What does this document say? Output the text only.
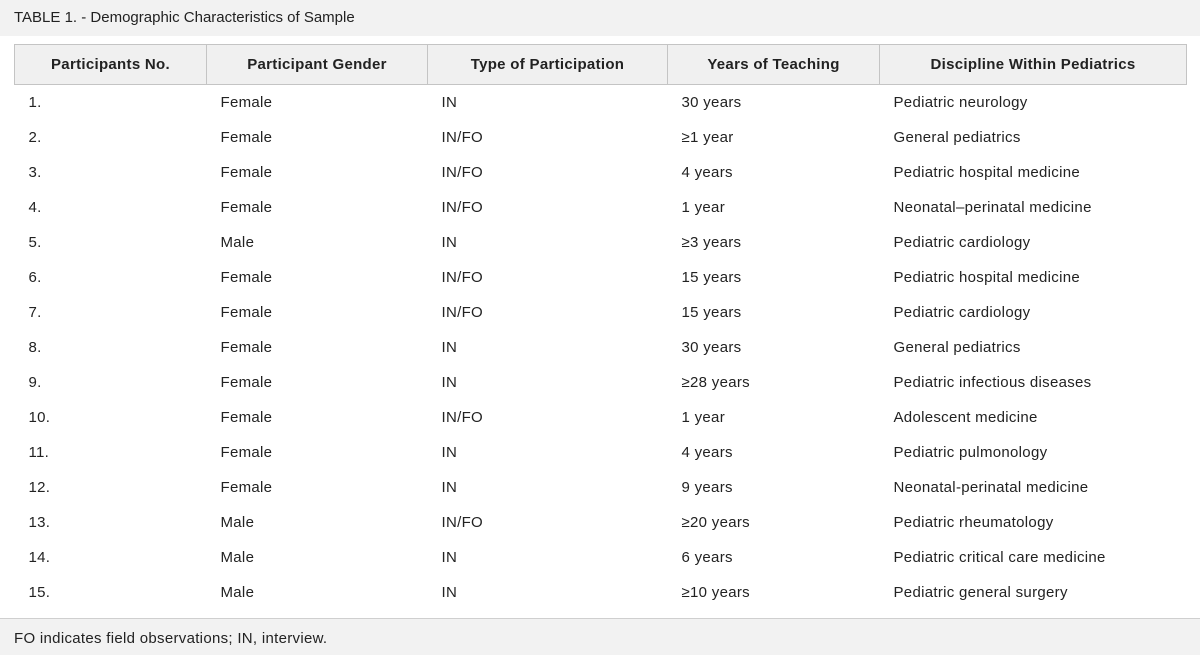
TABLE 1. - Demographic Characteristics of Sample
Participants No.	Participant Gender	Type of Participation	Years of Teaching	Discipline Within Pediatrics
1.	Female	IN	30 years	Pediatric neurology
2.	Female	IN/FO	≥1 year	General pediatrics
3.	Female	IN/FO	4 years	Pediatric hospital medicine
4.	Female	IN/FO	1 year	Neonatal–perinatal medicine
5.	Male	IN	≥3 years	Pediatric cardiology
6.	Female	IN/FO	15 years	Pediatric hospital medicine
7.	Female	IN/FO	15 years	Pediatric cardiology
8.	Female	IN	30 years	General pediatrics
9.	Female	IN	≥28 years	Pediatric infectious diseases
10.	Female	IN/FO	1 year	Adolescent medicine
11.	Female	IN	4 years	Pediatric pulmonology
12.	Female	IN	9 years	Neonatal-perinatal medicine
13.	Male	IN/FO	≥20 years	Pediatric rheumatology
14.	Male	IN	6 years	Pediatric critical care medicine
15.	Male	IN	≥10 years	Pediatric general surgery
FO indicates field observations; IN, interview.
